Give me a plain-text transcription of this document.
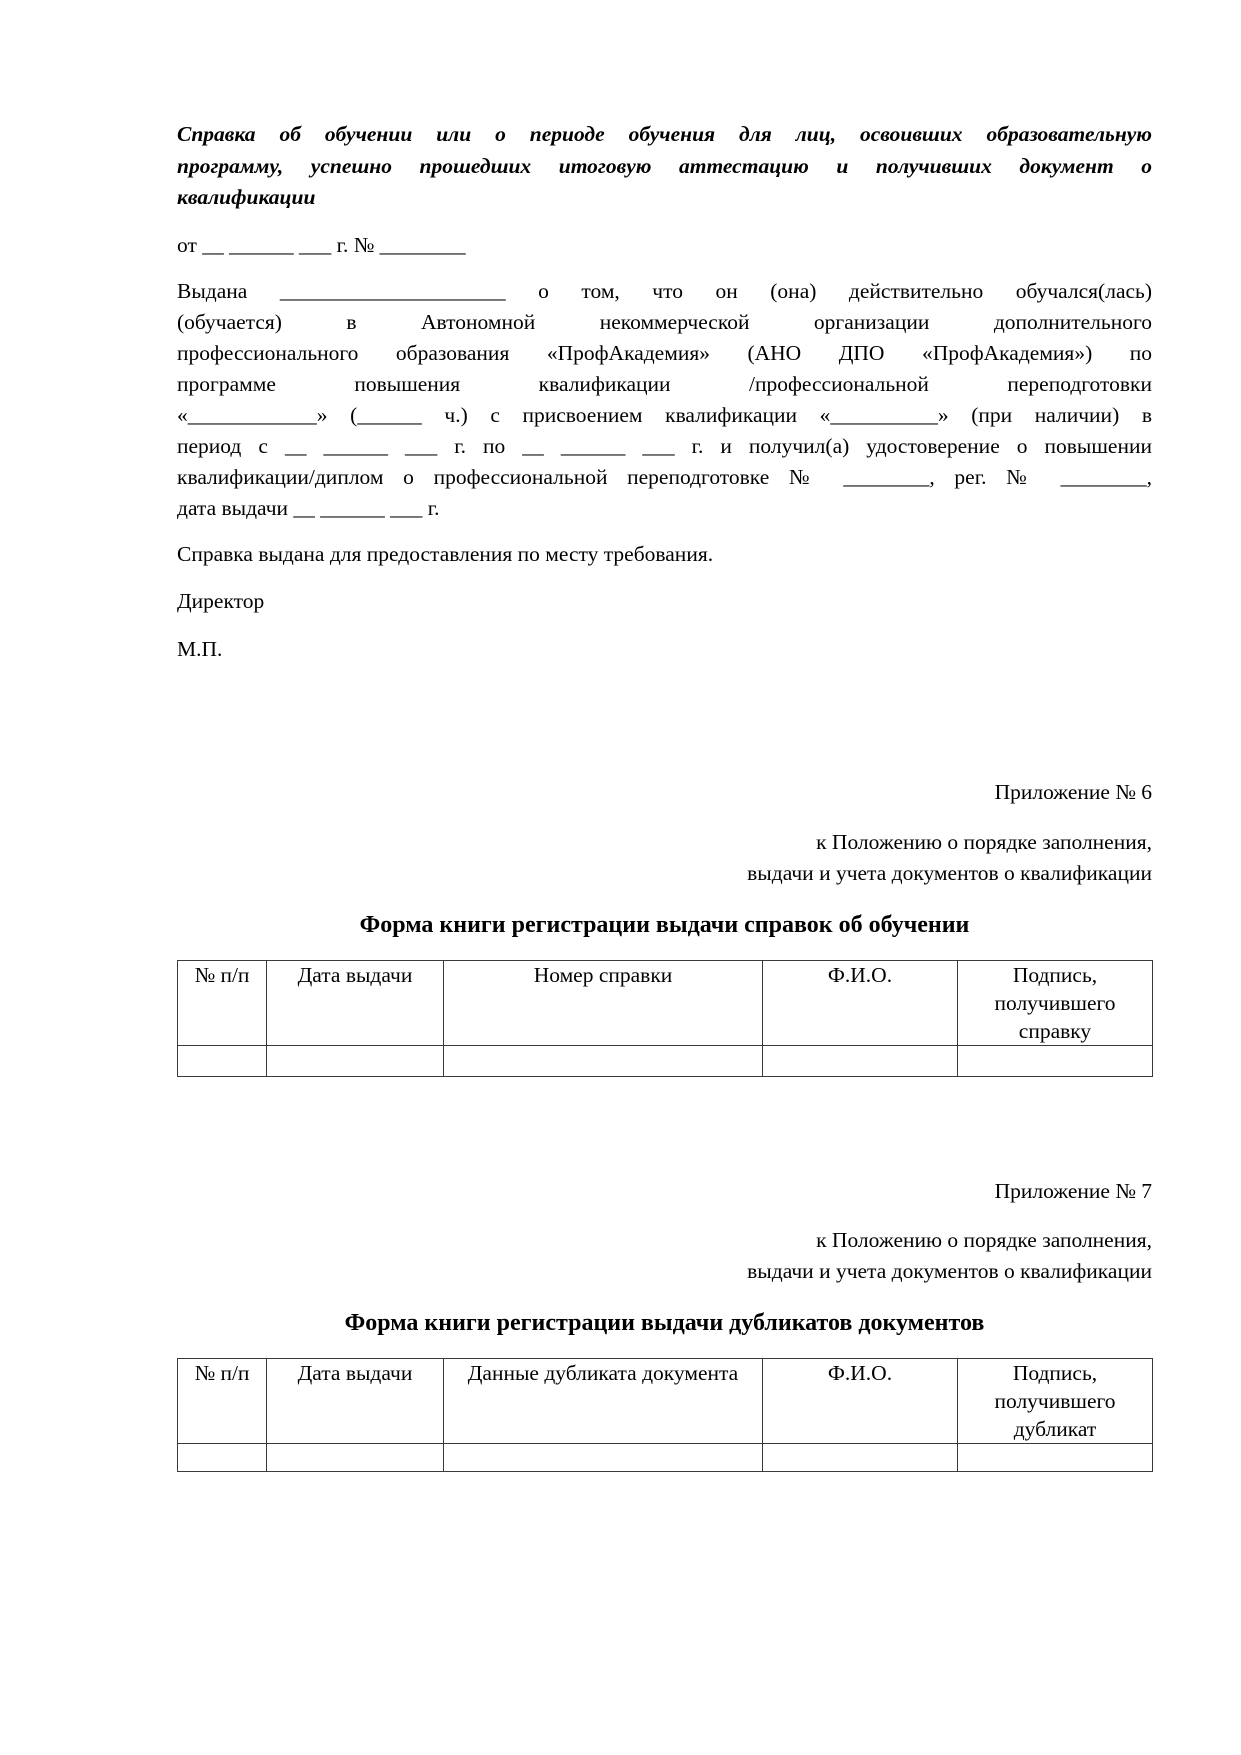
Справка об обучении или о периоде обучения для лиц, освоивших образовательную
программу, успешно прошедших итоговую аттестацию и получивших документ о
квалификации
от __ ______ ___ г. № ________
Выдана _____________________ о том, что он (она) действительно обучался(лась)
(обучается) в Автономной некоммерческой организации дополнительного
профессионального образования «ПрофАкадемия» (АНО ДПО «ПрофАкадемия») по
программе повышения квалификации /профессиональной переподготовки
«____________» (______ ч.) с присвоением квалификации «__________» (при наличии) в
период с __ ______ ___ г. по __ ______ ___ г. и получил(а) удостоверение о повышении
квалификации/диплом о профессиональной переподготовке № ________, рег. № ________,
дата выдачи __ ______ ___ г.
Справка выдана для предоставления по месту требования.
Директор
М.П.
Приложение № 6
к Положению о порядке заполнения,
выдачи и учета документов о квалификации
Форма книги регистрации выдачи справок об обучении
№ п/п	Дата выдачи	Номер справки	Ф.И.О.	Подпись, получившего справку

Приложение № 7
к Положению о порядке заполнения,
выдачи и учета документов о квалификации
Форма книги регистрации выдачи дубликатов документов
№ п/п	Дата выдачи	Данные дубликата документа	Ф.И.О.	Подпись, получившего дубликат
